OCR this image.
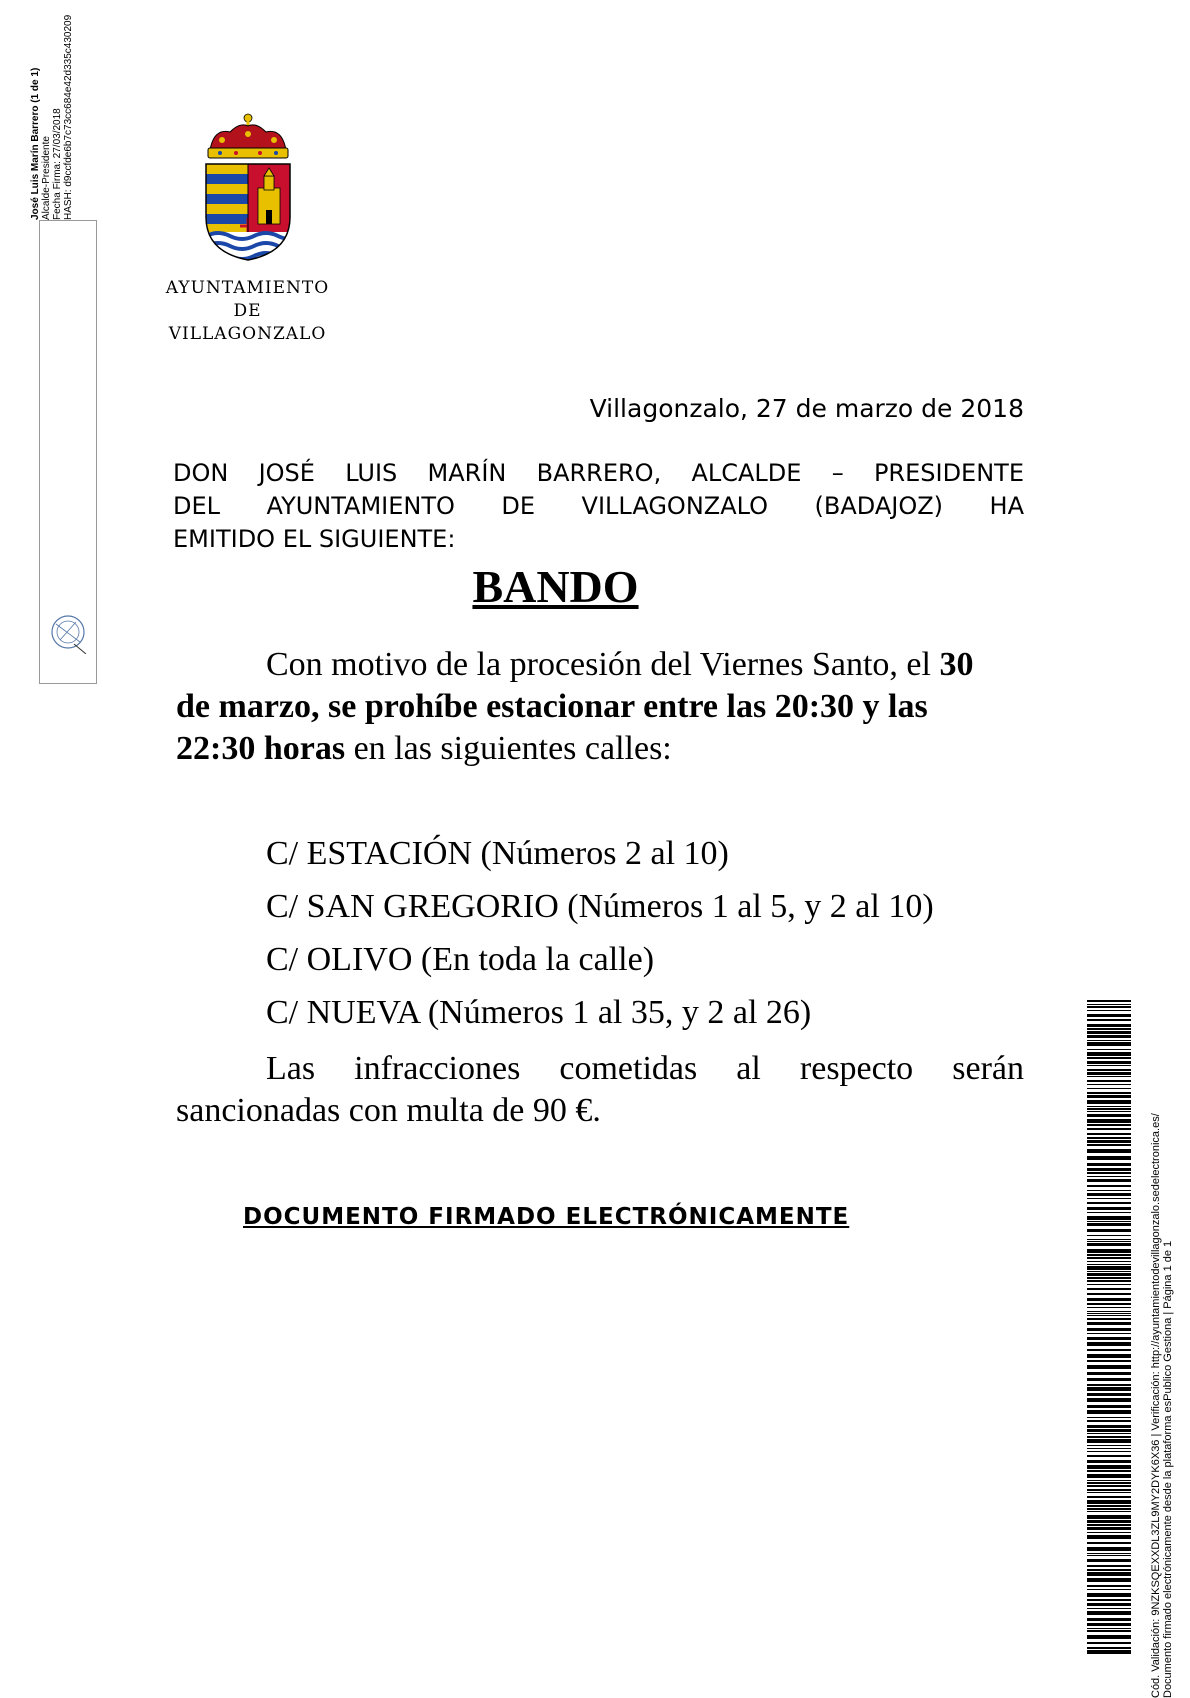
AYUNTAMIENTO
DE
VILLAGONZALO
José Luis Marín Barrero (1 de 1) Alcalde-Presidente Fecha Firma: 27/03/2018 HASH: d9ccfde6b7c73cc684e42d335c430209
Villagonzalo, 27 de marzo de 2018
DON JOSÉ LUIS MARÍN BARRERO, ALCALDE – PRESIDENTE
DEL AYUNTAMIENTO DE VILLAGONZALO (BADAJOZ) HA
EMITIDO EL SIGUIENTE:
BANDO
Con motivo de la procesión del Viernes Santo, el 30
de marzo, se prohíbe estacionar entre las 20:30 y las
22:30 horas en las siguientes calles:
C/ ESTACIÓN (Números 2 al 10)
C/ SAN GREGORIO (Números 1 al 5, y 2 al 10)
C/ OLIVO (En toda la calle)
C/ NUEVA (Números 1 al 35, y 2 al 26)
Las infracciones cometidas al respecto serán
sancionadas con multa de 90 €.
DOCUMENTO FIRMADO ELECTRÓNICAMENTE	Cód. Validación: 9NZKSQEXXDL3ZL9MY2DYK6X36 | Verificación: http://ayuntamientodevillagonzalo.sedelectronica.es/ Documento firmado electrónicamente desde la plataforma esPublico Gestiona | Página 1 de 1
